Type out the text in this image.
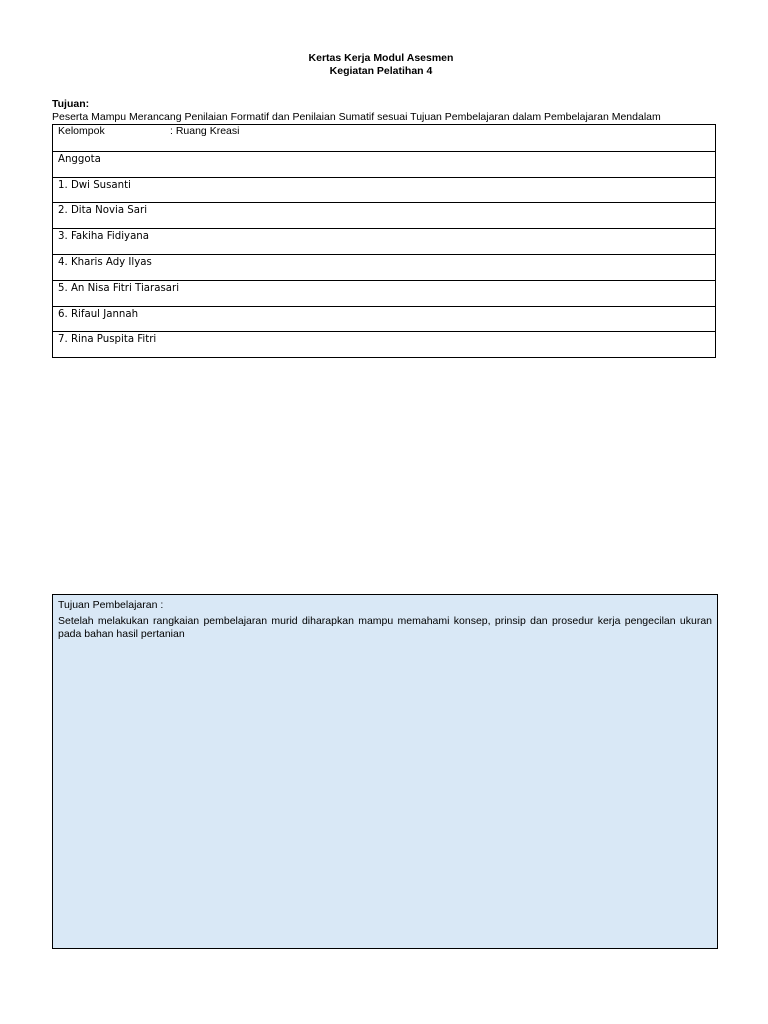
Kertas Kerja Modul Asesmen
Kegiatan Pelatihan 4
Tujuan:
Peserta Mampu Merancang Penilaian Formatif dan Penilaian Sumatif sesuai Tujuan Pembelajaran dalam Pembelajaran Mendalam
Kelompok	: Ruang Kreasi
Anggota
1. Dwi Susanti
2. Dita Novia Sari
3. Fakiha Fidiyana
4. Kharis Ady Ilyas
5. An Nisa Fitri Tiarasari
6. Rifaul Jannah
7. Rina Puspita Fitri
Tujuan Pembelajaran :
Setelah melakukan rangkaian pembelajaran murid diharapkan mampu memahami konsep, prinsip dan prosedur kerja pengecilan ukuran pada bahan hasil pertanian
